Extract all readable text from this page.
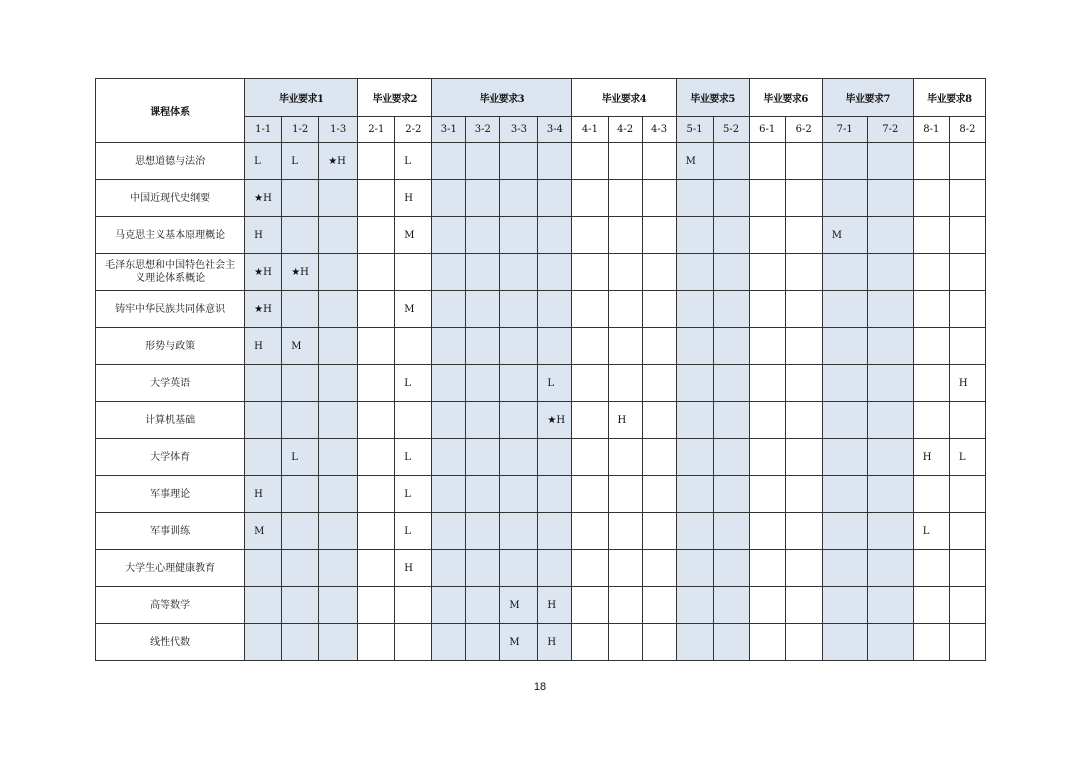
课程体系	毕业要求1			毕业要求2		毕业要求3				毕业要求4			毕业要求5		毕业要求6		毕业要求7		毕业要求8	
	1-1	1-2	1-3	2-1	2-2	3-1	3-2	3-3	3-4	4-1	4-2	4-3	5-1	5-2	6-1	6-2	7-1	7-2	8-1	8-2
思想道德与法治	L	L	★H		L								M							
中国近现代史纲要	★H				H															
马克思主义基本原理概论	H				M												M			
毛泽东思想和中国特色社会主义理论体系概论	★H	★H																		
铸牢中华民族共同体意识	★H				M															
形势与政策	H	M																		
大学英语					L				L											H
计算机基础									★H		H									
大学体育		L			L														H	L
军事理论	H				L															
军事训练	M				L														L	
大学生心理健康教育					H															
高等数学								M	H											
线性代数								M	H											
18
